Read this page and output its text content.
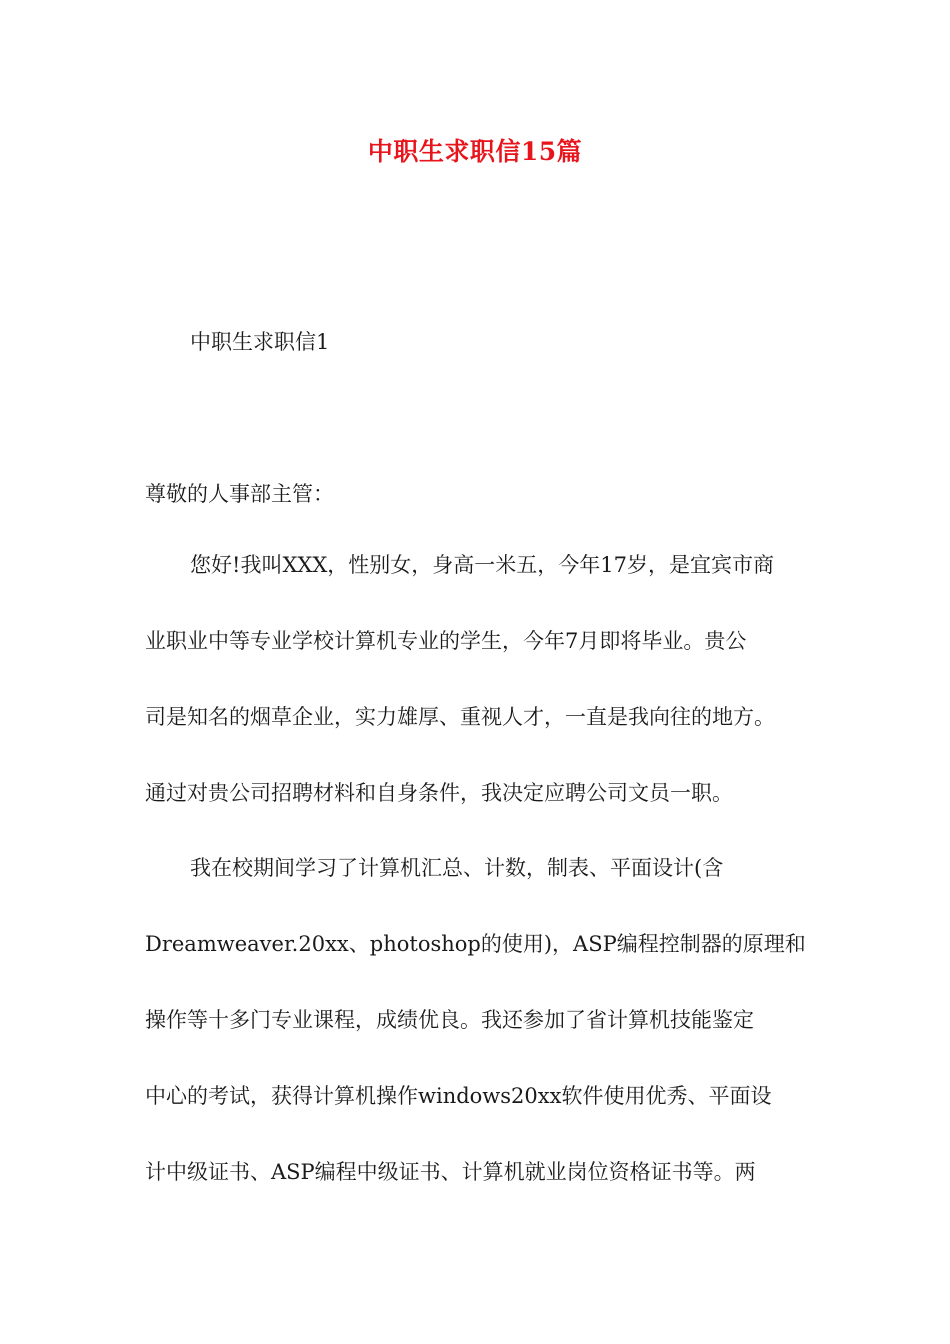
中职生求职信15篇
中职生求职信1
尊敬的人事部主管：

您好!我叫XXX，性别女，身高一米五，今年17岁，是宜宾市商
业职业中等专业学校计算机专业的学生，今年7月即将毕业。贵公
司是知名的烟草企业，实力雄厚、重视人才，一直是我向往的地方。
通过对贵公司招聘材料和自身条件，我决定应聘公司文员一职。

我在校期间学习了计算机汇总、计数，制表、平面设计(含
Dreamweaver.20xx、photoshop的使用)，ASP编程控制器的原理和
操作等十多门专业课程，成绩优良。我还参加了省计算机技能鉴定
中心的考试，获得计算机操作windows20xx软件使用优秀、平面设
计中级证书、ASP编程中级证书、计算机就业岗位资格证书等。两
